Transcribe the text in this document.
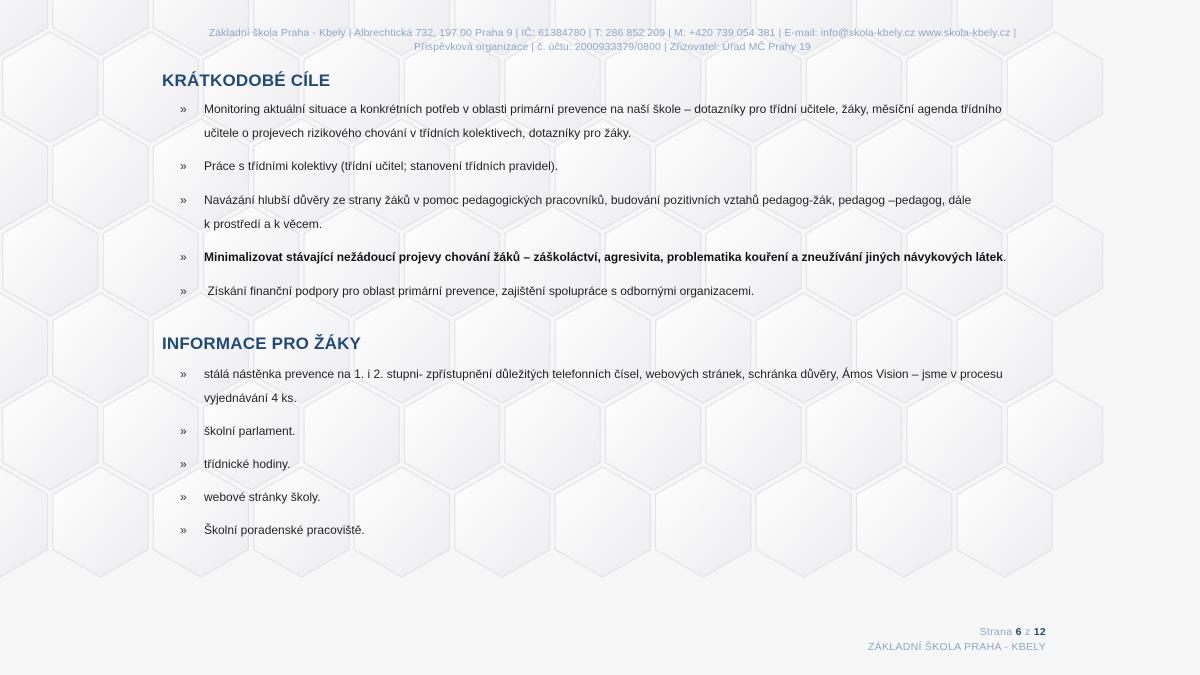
Základní škola Praha - Kbely | Albrechtická 732, 197 00 Praha 9 | IČ: 61384780 | T: 286 852 209 | M: +420 739 054 381 | E-mail: info@skola-kbely.cz www.skola-kbely.cz |
Příspěvková organizace | č. účtu: 2000933379/0800 | Zřizovatel: Úřad MČ Prahy 19
KRÁTKODOBÉ CÍLE
»	Monitoring aktuální situace a konkrétních potřeb v oblasti primární prevence na naší škole – dotazníky pro třídní učitele, žáky, měsíční agenda třídního
učitele o projevech rizikového chování v třídních kolektivech, dotazníky pro žáky.
»	Práce s třídními kolektivy (třídní učitel; stanovení třídních pravidel).
»	Navázání hlubší důvěry ze strany žáků v pomoc pedagogických pracovníků, budování pozitivních vztahů pedagog-žák, pedagog –pedagog, dále
k prostředí a k věcem.
»	Minimalizovat stávající nežádoucí projevy chování žáků – záškoláctví, agresivita, problematika kouření a zneužívání jiných návykových látek.
»	Získání finanční podpory pro oblast primární prevence, zajištění spolupráce s odbornými organizacemi.
INFORMACE PRO ŽÁKY
»	stálá nástěnka prevence na 1. i 2. stupni- zpřístupnění důležitých telefonních čísel, webových stránek, schránka důvěry, Ámos Vision – jsme v procesu
vyjednávání 4 ks.
»	školní parlament.
»	třídnické hodiny.
»	webové stránky školy.
»	Školní poradenské pracoviště.
Strana 6 z 12
ZÁKLADNÍ ŠKOLA PRAHA - KBELY
